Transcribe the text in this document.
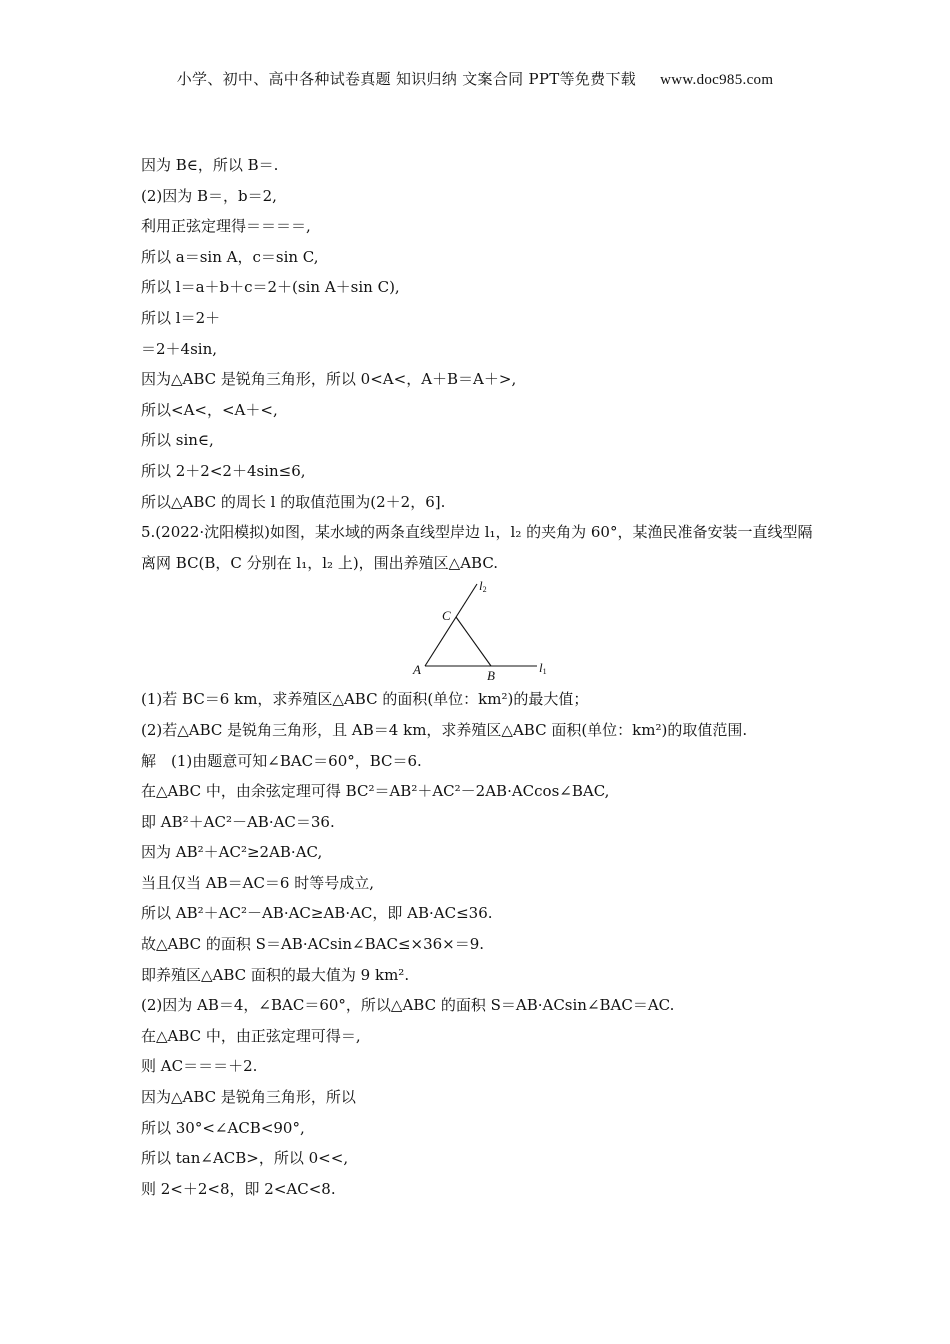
小学、初中、高中各种试卷真题 知识归纳 文案合同 PPT等免费下载 www.doc985.com
因为 B∈，所以 B＝.
(2)因为 B＝，b＝2,
利用正弦定理得＝＝＝＝,
所以 a＝sin A，c＝sin C,
所以 l＝a＋b＋c＝2＋(sin A＋sin C),
所以 l＝2＋
＝2＋4sin,
因为△ABC 是锐角三角形，所以 0<A<，A＋B＝A＋>,
所以<A<，<A＋<,
所以 sin∈,
所以 2＋2<2＋4sin≤6,
所以△ABC 的周长 l 的取值范围为(2＋2，6].
5.(2022·沈阳模拟)如图，某水域的两条直线型岸边 l₁，l₂ 的夹角为 60°，某渔民准备安装一直线型隔离网 BC(B，C 分别在 l₁，l₂ 上)，围出养殖区△ABC.
A	B
C
l1
l2
(1)若 BC＝6 km，求养殖区△ABC 的面积(单位：km²)的最大值；
(2)若△ABC 是锐角三角形，且 AB＝4 km，求养殖区△ABC 面积(单位：km²)的取值范围.
解　(1)由题意可知∠BAC＝60°，BC＝6.
在△ABC 中，由余弦定理可得 BC²＝AB²＋AC²－2AB·ACcos∠BAC,
即 AB²＋AC²－AB·AC＝36.
因为 AB²＋AC²≥2AB·AC,
当且仅当 AB＝AC＝6 时等号成立,
所以 AB²＋AC²－AB·AC≥AB·AC，即 AB·AC≤36.
故△ABC 的面积 S＝AB·ACsin∠BAC≤×36×＝9.
即养殖区△ABC 面积的最大值为 9 km².
(2)因为 AB＝4，∠BAC＝60°，所以△ABC 的面积 S＝AB·ACsin∠BAC＝AC.
在△ABC 中，由正弦定理可得＝,
则 AC＝＝＝＋2.
因为△ABC 是锐角三角形，所以
所以 30°<∠ACB<90°,
所以 tan∠ACB>，所以 0<<,
则 2<＋2<8，即 2<AC<8.
